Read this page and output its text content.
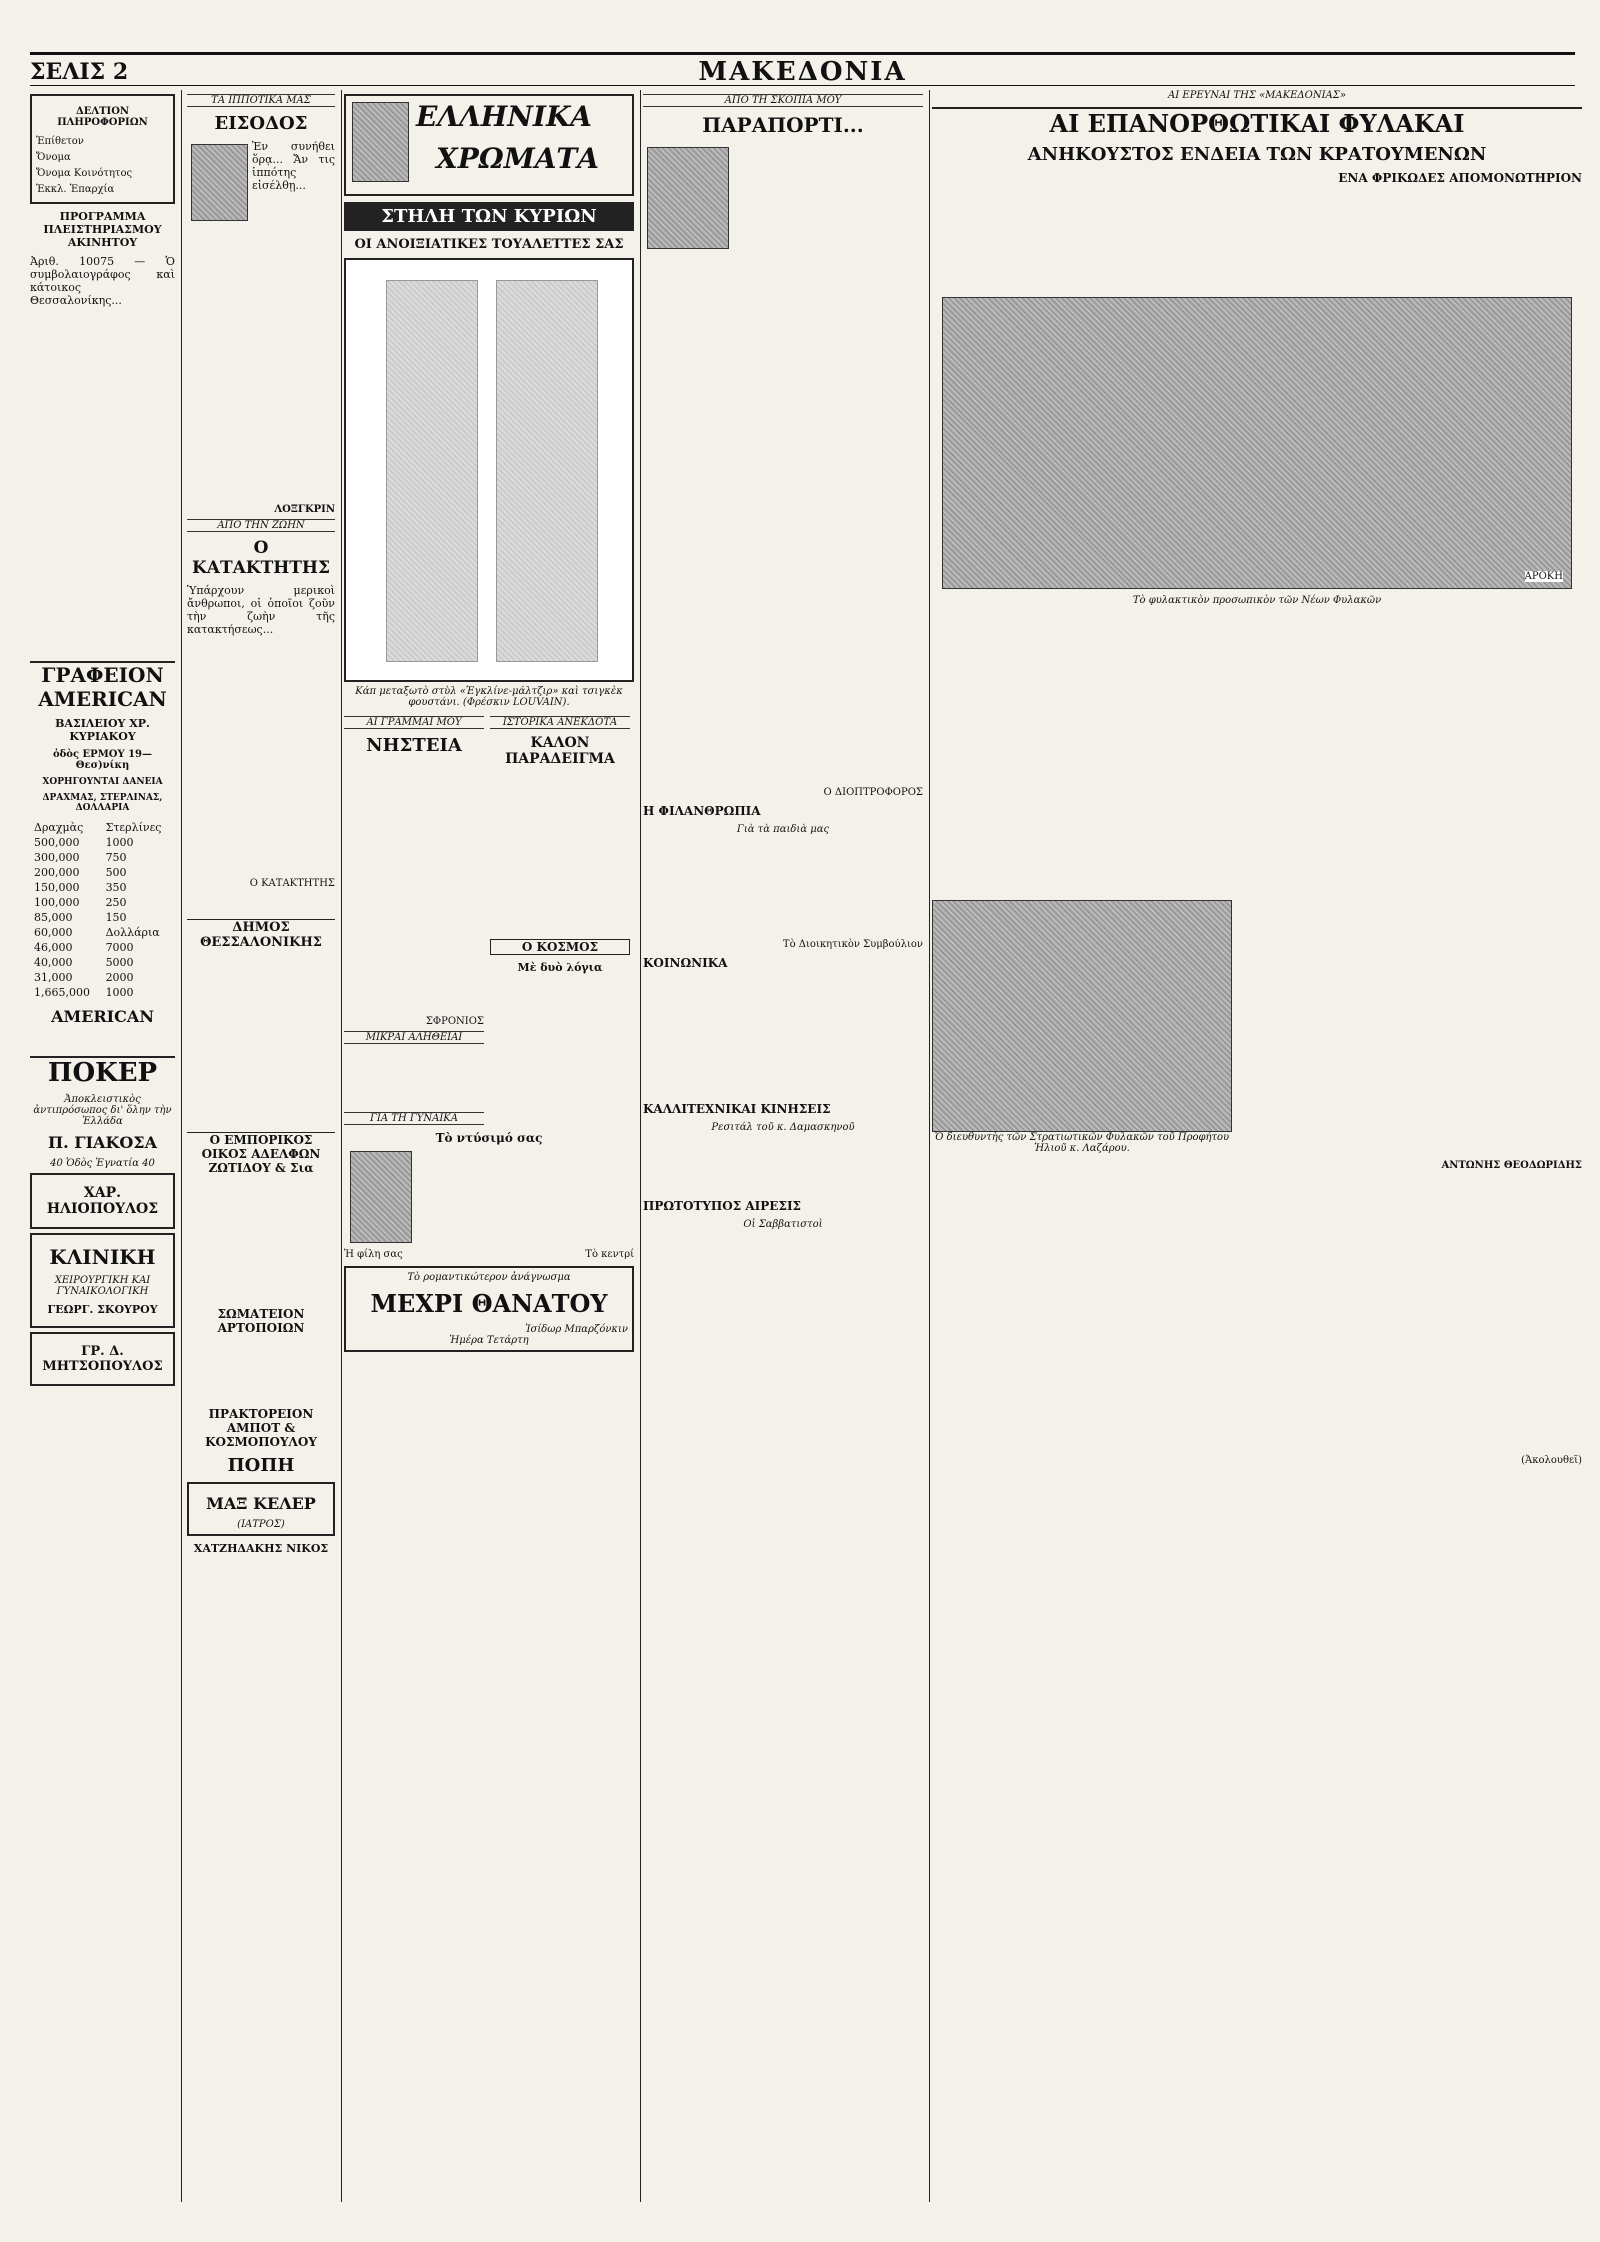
ΣΕΛΙΣ 2	ΜΑΚΕΔΟΝΙΑ
ΔΕΛΤΙΟΝ ΠΛΗΡΟΦΟΡΙΩΝ
Ἐπίθετον
Ὄνομα
Ὄνομα Κοινότητος
Ἐκκλ. Ἐπαρχία
ΠΡΟΓΡΑΜΜΑ ΠΛΕΙΣΤΗΡΙΑΣΜΟΥ ΑΚΙΝΗΤΟΥ

Ἀριθ. 10075 — Ὁ συμβολαιογράφος καὶ κάτοικος Θεσσαλονίκης...

ΓΡΑΦΕΙΟΝ AMERICAN
ΒΑΣΙΛΕΙΟΥ ΧΡ. ΚΥΡΙΑΚΟΥ
ὁδὸς ΕΡΜΟΥ 19—Θεσ)νίκη
ΧΟΡΗΓΟΥΝΤΑΙ ΔΑΝΕΙΑ
ΔΡΑΧΜΑΣ, ΣΤΕΡΛΙΝΑΣ, ΔΟΛΛΑΡΙΑ
Δραχμὰς	Στερλίνες
500,000	1000
300,000	750
200,000	500
150,000	350
100,000	250
85,000	150
60,000	Δολλάρια
46,000	7000
40,000	5000
31,000	2000
1,665,000	1000
AMERICAN
ΠΟΚΕΡ
Ἀποκλειστικὸς ἀντιπρόσωπος δι' ὅλην τὴν Ἑλλάδα
Π. ΓΙΑΚΟΣΑ
40 Ὁδὸς Ἐγνατία 40
ΧΑΡ. ΗΛΙΟΠΟΥΛΟΣ
ΚΛΙΝΙΚΗ
ΧΕΙΡΟΥΡΓΙΚΗ ΚΑΙ ΓΥΝΑΙΚΟΛΟΓΙΚΗ
ΓΕΩΡΓ. ΣΚΟΥΡΟΥ
ΓΡ. Δ. ΜΗΤΣΟΠΟΥΛΟΣ
ΤΑ ΙΠΠΟΤΙΚΑ ΜΑΣ
ΕΙΣΟΔΟΣ

Ἐν συνήθει ὅρᾳ... Ἄν τις ἱππότης εἰσέλθῃ...

ΛΟΞΓΚΡΙΝ
ΑΠΟ ΤΗΝ ΖΩΗΝ
Ο ΚΑΤΑΚΤΗΤΗΣ

Ὑπάρχουν μερικοὶ ἄνθρωποι, οἱ ὁποῖοι ζοῦν τὴν ζωὴν τῆς κατακτήσεως...

Ο ΚΑΤΑΚΤΗΤΗΣ
ΔΗΜΟΣ ΘΕΣΣΑΛΟΝΙΚΗΣ

Ο ΕΜΠΟΡΙΚΟΣ ΟΙΚΟΣ ΑΔΕΛΦΩΝ ΖΩΤΙΔΟΥ & Σια

ΣΩΜΑΤΕΙΟΝ ΑΡΤΟΠΟΙΩΝ

ΠΡΑΚΤΟΡΕΙΟΝ ΑΜΠΟΤ & ΚΟΣΜΟΠΟΥΛΟΥ
ΠΟΠΗ
ΜΑΞ ΚΕΛΕΡ
(ΙΑΤΡΟΣ)
ΧΑΤΖΗΔΑΚΗΣ ΝΙΚΟΣ
ΕΛΛΗΝΙΚΑ
ΧΡΩΜΑΤΑ
ΣΤΗΛΗ ΤΩΝ ΚΥΡΙΩΝ
ΟΙ ΑΝΟΙΞΙΑΤΙΚΕΣ ΤΟΥΑΛΕΤΤΕΣ ΣΑΣ
Κάπ μεταξωτὸ στὺλ «Ἐγκλίνε-μάλτζιρ» καὶ τσιγκὲκ φουστάνι. (Φρέσκιν LOUVAIN).
ΑΙ ΓΡΑΜΜΑΙ ΜΟΥ
ΝΗΣΤΕΙΑ

ΣΦΡΟΝΙΟΣ
ΙΣΤΟΡΙΚΑ ΑΝΕΚΔΟΤΑ
ΚΑΛΟΝ ΠΑΡΑΔΕΙΓΜΑ

Ο ΚΟΣΜΟΣ
Μὲ δυὸ λόγια
ΜΙΚΡΑΙ ΑΛΗΘΕΙΑΙ

ΓΙΑ ΤΗ ΓΥΝΑΙΚΑ
Τὸ ντύσιμό σας
Ἡ φίλη σας	Τὸ κεντρί
Τὸ ρομαντικώτερον ἀνάγνωσμα
ΜΕΧΡΙ ΘΑΝΑΤΟΥ
Ἰσίδωρ Μπαρζόνκιν
Ἡμέρα Τετάρτη
ΑΠΟ ΤΗ ΣΚΟΠΙΑ ΜΟΥ
ΠΑΡΑΠΟΡΤΙ...

Ο ΔΙΟΠΤΡΟΦΟΡΟΣ
Η ΦΙΛΑΝΘΡΩΠΙΑ
Γιὰ τὰ παιδιὰ μας

Τὸ Διοικητικὸν Συμβούλιον
ΚΟΙΝΩΝΙΚΑ

ΚΑΛΛΙΤΕΧΝΙΚΑΙ ΚΙΝΗΣΕΙΣ
Ρεσιτάλ τοῦ κ. Δαμασκηνοῦ

ΠΡΩΤΟΤΥΠΟΣ ΑΙΡΕΣΙΣ
Οἱ Σαββατιστοὶ
ΑΙ ΕΡΕΥΝΑΙ ΤΗΣ «ΜΑΚΕΔΟΝΙΑΣ»
ΑΙ ΕΠΑΝΟΡΘΩΤΙΚΑΙ ΦΥΛΑΚΑΙ
ΑΝΗΚΟΥΣΤΟΣ ΕΝΔΕΙΑ ΤΩΝ ΚΡΑΤΟΥΜΕΝΩΝ
ΕΝΑ ΦΡΙΚΩΔΕΣ ΑΠΟΜΟΝΩΤΗΡΙΟΝ

ΑΡΟΚΗ
Τὸ φυλακτικὸν προσωπικὸν τῶν Νέων Φυλακῶν

Ὁ διευθυντὴς τῶν Στρατιωτικῶν Φυλακῶν τοῦ Προφήτου Ἠλιοῦ κ. Λαζάρου.

ΑΝΤΩΝΗΣ ΘΕΟΔΩΡΙΔΗΣ

(Ἀκολουθεῖ)
